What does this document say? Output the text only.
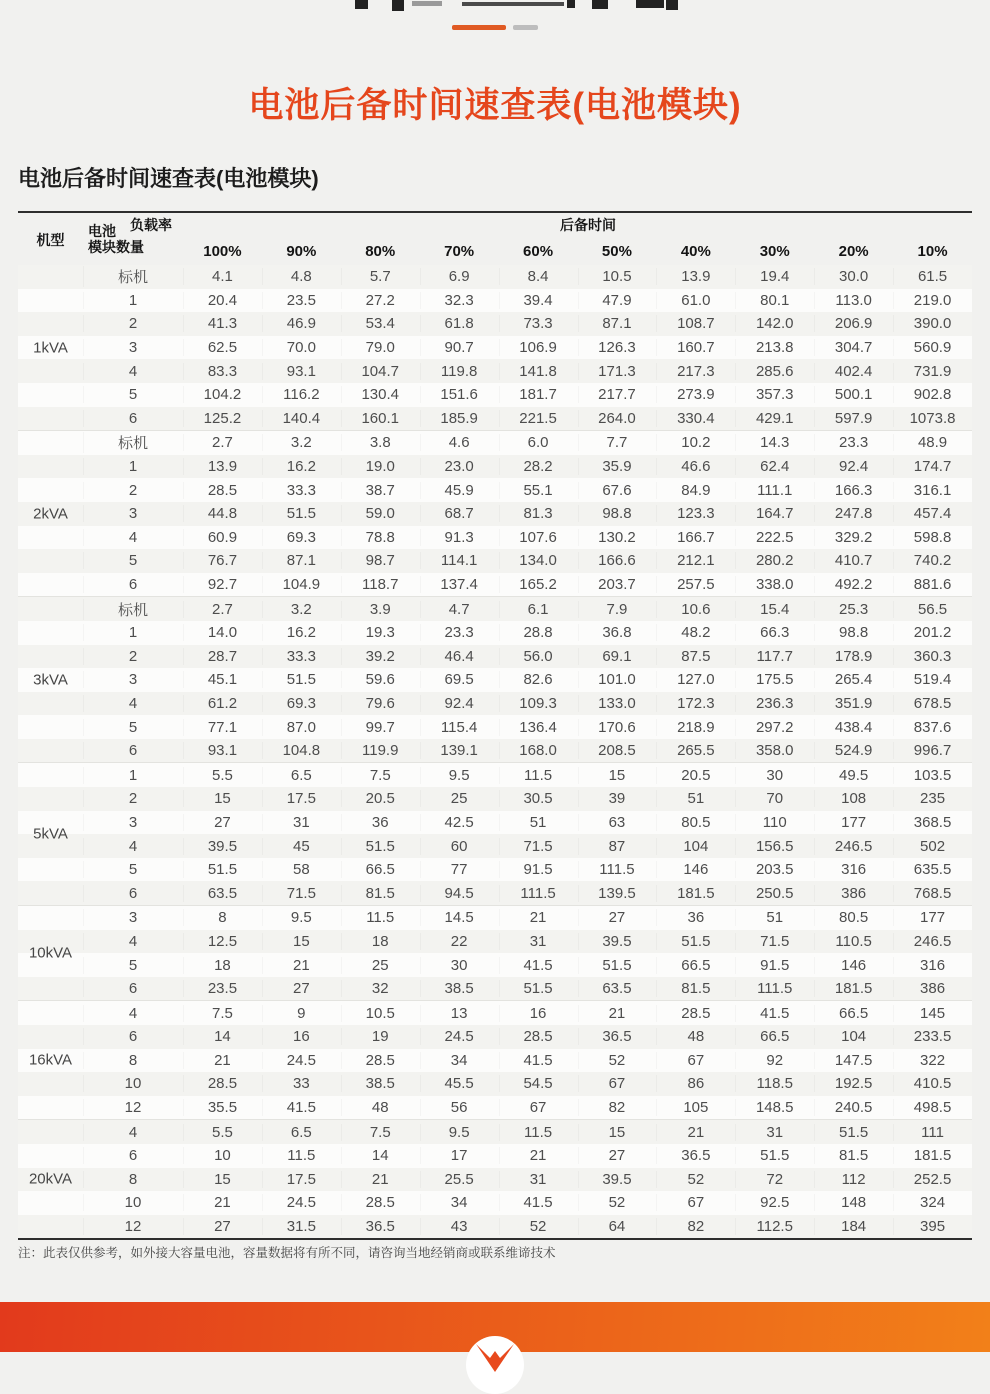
电池后备时间速查表(电池模块)
电池后备时间速查表(电池模块)
机型
负载率
电池
模块数量
后备时间
100%	90%	80%	70%	60%	50%	40%	30%	20%	10%
1kVA
标机	4.1	4.8	5.7	6.9	8.4	10.5	13.9	19.4	30.0	61.5
1	20.4	23.5	27.2	32.3	39.4	47.9	61.0	80.1	113.0	219.0
2	41.3	46.9	53.4	61.8	73.3	87.1	108.7	142.0	206.9	390.0
3	62.5	70.0	79.0	90.7	106.9	126.3	160.7	213.8	304.7	560.9
4	83.3	93.1	104.7	119.8	141.8	171.3	217.3	285.6	402.4	731.9
5	104.2	116.2	130.4	151.6	181.7	217.7	273.9	357.3	500.1	902.8
6	125.2	140.4	160.1	185.9	221.5	264.0	330.4	429.1	597.9	1073.8
2kVA
标机	2.7	3.2	3.8	4.6	6.0	7.7	10.2	14.3	23.3	48.9
1	13.9	16.2	19.0	23.0	28.2	35.9	46.6	62.4	92.4	174.7
2	28.5	33.3	38.7	45.9	55.1	67.6	84.9	111.1	166.3	316.1
3	44.8	51.5	59.0	68.7	81.3	98.8	123.3	164.7	247.8	457.4
4	60.9	69.3	78.8	91.3	107.6	130.2	166.7	222.5	329.2	598.8
5	76.7	87.1	98.7	114.1	134.0	166.6	212.1	280.2	410.7	740.2
6	92.7	104.9	118.7	137.4	165.2	203.7	257.5	338.0	492.2	881.6
3kVA
标机	2.7	3.2	3.9	4.7	6.1	7.9	10.6	15.4	25.3	56.5
1	14.0	16.2	19.3	23.3	28.8	36.8	48.2	66.3	98.8	201.2
2	28.7	33.3	39.2	46.4	56.0	69.1	87.5	117.7	178.9	360.3
3	45.1	51.5	59.6	69.5	82.6	101.0	127.0	175.5	265.4	519.4
4	61.2	69.3	79.6	92.4	109.3	133.0	172.3	236.3	351.9	678.5
5	77.1	87.0	99.7	115.4	136.4	170.6	218.9	297.2	438.4	837.6
6	93.1	104.8	119.9	139.1	168.0	208.5	265.5	358.0	524.9	996.7
5kVA
1	5.5	6.5	7.5	9.5	11.5	15	20.5	30	49.5	103.5
2	15	17.5	20.5	25	30.5	39	51	70	108	235
3	27	31	36	42.5	51	63	80.5	110	177	368.5
4	39.5	45	51.5	60	71.5	87	104	156.5	246.5	502
5	51.5	58	66.5	77	91.5	111.5	146	203.5	316	635.5
6	63.5	71.5	81.5	94.5	111.5	139.5	181.5	250.5	386	768.5
10kVA
3	8	9.5	11.5	14.5	21	27	36	51	80.5	177
4	12.5	15	18	22	31	39.5	51.5	71.5	110.5	246.5
5	18	21	25	30	41.5	51.5	66.5	91.5	146	316
6	23.5	27	32	38.5	51.5	63.5	81.5	111.5	181.5	386
16kVA
4	7.5	9	10.5	13	16	21	28.5	41.5	66.5	145
6	14	16	19	24.5	28.5	36.5	48	66.5	104	233.5
8	21	24.5	28.5	34	41.5	52	67	92	147.5	322
10	28.5	33	38.5	45.5	54.5	67	86	118.5	192.5	410.5
12	35.5	41.5	48	56	67	82	105	148.5	240.5	498.5
20kVA
4	5.5	6.5	7.5	9.5	11.5	15	21	31	51.5	111
6	10	11.5	14	17	21	27	36.5	51.5	81.5	181.5
8	15	17.5	21	25.5	31	39.5	52	72	112	252.5
10	21	24.5	28.5	34	41.5	52	67	92.5	148	324
12	27	31.5	36.5	43	52	64	82	112.5	184	395
注：此表仅供参考，如外接大容量电池，容量数据将有所不同，请咨询当地经销商或联系维谛技术
